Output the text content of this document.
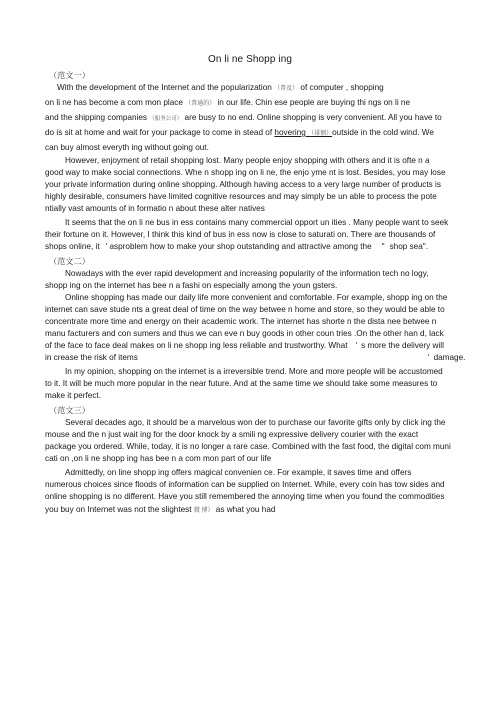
On li ne Shopp ing
（范文一）
With the development of the Internet and the popularization （普及） of computer , shopping
on li ne has become a com mon place （普通的） in our life. Chin ese people are buying thi ngs on li ne
and the shipping companies （船务公司） are busy to no end. Online shopping is very convenient. All you have to
do is sit at home and wait for your package to come in stead of hovering （徘徊）outside in the cold wind. We
can buy almost everyth ing without going out.
However, enjoyment of retail shopping lost. Many people enjoy shopping with others and it is ofte n a
good way to make social connections. Whe n shopp ing on li ne, the enjo yme nt is lost. Besides, you may lose
your private information during online shopping. Although having access to a very large number of products is
highly desirable, consumers have limited cognitive resources and may simply be un able to process the pote
ntially vast amounts of in formatio n about these alter natives
It seems that the on li ne bus in ess contains many commercial opport un ities . Many people want to seek
their fortune on it. However, I think this kind of bus in ess now is close to saturati on. There are thousands of
shops online, it ' asproblem how to make your shop outstanding and attractive among the " shop sea".
（范文二）
Nowadays with the ever rapid development and increasing popularity of the information tech no logy,
shopp ing on the internet has bee n a fashi on especially among the youn gsters.
Online shopping has made our daily life more convenient and comfortable. For example, shopp ing on the
internet can save stude nts a great deal of time on the way betwee n home and store, so they would be able to
concentrate more time and energy on their academic work. The internet has shorte n the dista nee betwee n
manu facturers and con sumers and thus we can eve n buy goods in other coun tries .On the other han d, lack
of the face to face deal makes on li ne shopp ing less reliable and trustworthy. What ' s more the delivery will
in crease the risk of items	' damage.
In my opinion, shopping on the internet is a irreversible trend. More and more people will be accustomed
to it. It will be much more popular in the near future. And at the same time we should take some measures to
make it perfect.
（范文三）
Several decades ago, it should be a marvelous won der to purchase our favorite gifts only by click ing the
mouse and the n just wait ing for the door knock by a smili ng expressive delivery courier with the exact
package you ordered. While, today, it is no longer a rare case. Combined with the fast food, the digital com muni
cati on ,on li ne shopp ing has bee n a com mon part of our life
Admittedly, on line shopp ing offers magical convenien ce. For example, it saves time and offers
numerous choices since floods of information can be supplied on Internet. While, every coin has tow sides and
online shopping is no different. Have you still remembered the annoying time when you found the commodities
you buy on Internet was not the slightest 微 博） as what you had
